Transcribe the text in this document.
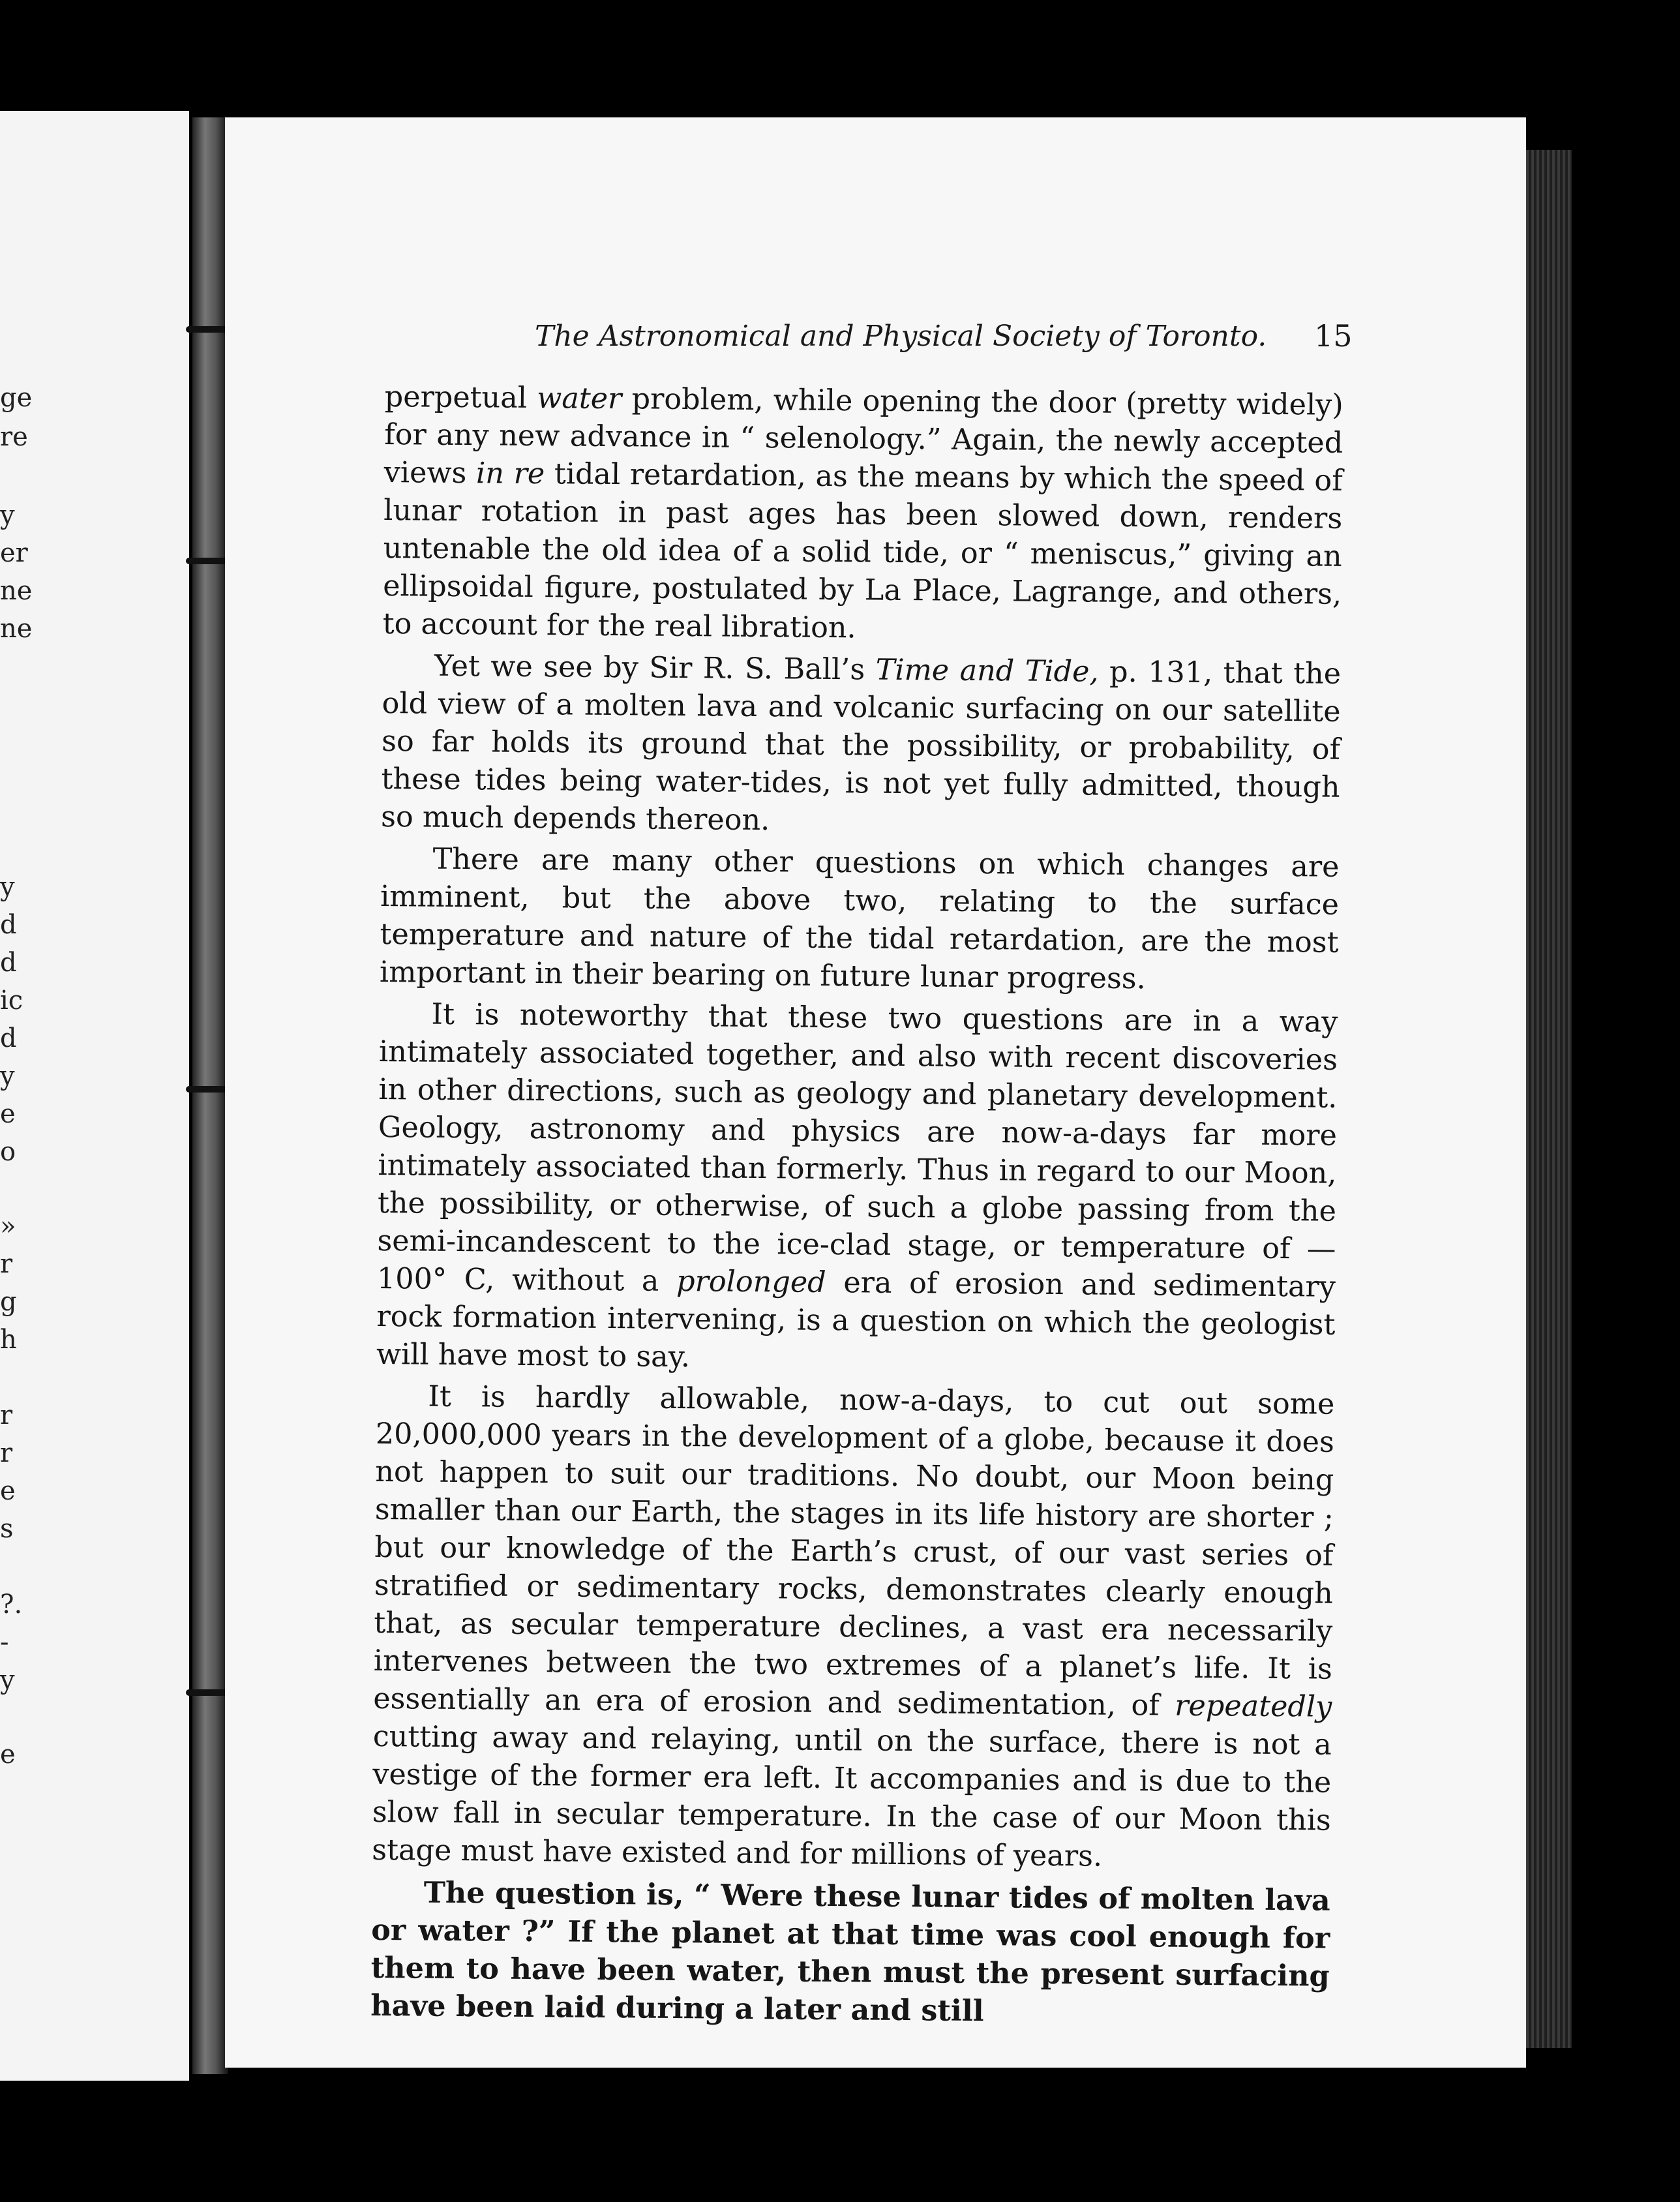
ge
re
y
er
ne
ne
y
d
d
ic
d
y
e
o
»
r
g
h
r
r
e
s
?.
-
y
e
The Astronomical and Physical Society of Toronto. 15

perpetual water problem, while opening the door (pretty widely) for any new advance in “ selenology.” Again, the newly accepted views in re tidal retardation, as the means by which the speed of lunar rotation in past ages has been slowed down, renders untenable the old idea of a solid tide, or “ meniscus,” giving an ellipsoidal figure, postulated by La Place, Lagrange, and others, to account for the real libration.

Yet we see by Sir R. S. Ball’s Time and Tide, p. 131, that the old view of a molten lava and volcanic surfacing on our satellite so far holds its ground that the possibility, or probability, of these tides being water-tides, is not yet fully admitted, though so much depends thereon.

There are many other questions on which changes are imminent, but the above two, relating to the surface temperature and nature of the tidal retardation, are the most important in their bearing on future lunar progress.

It is noteworthy that these two questions are in a way intimately associated together, and also with recent discoveries in other directions, such as geology and planetary development. Geology, astronomy and physics are now-a-days far more intimately associated than formerly. Thus in regard to our Moon, the possibility, or otherwise, of such a globe passing from the semi-incandescent to the ice-clad stage, or temperature of — 100° C, without a prolonged era of erosion and sedimentary rock formation intervening, is a question on which the geologist will have most to say.

It is hardly allowable, now-a-days, to cut out some 20,000,000 years in the development of a globe, because it does not happen to suit our traditions. No doubt, our Moon being smaller than our Earth, the stages in its life history are shorter ; but our knowledge of the Earth’s crust, of our vast series of stratified or sedimentary rocks, demonstrates clearly enough that, as secular temperature declines, a vast era necessarily intervenes between the two extremes of a planet’s life. It is essentially an era of erosion and sedimentation, of repeatedly cutting away and relaying, until on the surface, there is not a vestige of the former era left. It accompanies and is due to the slow fall in secular temperature. In the case of our Moon this stage must have existed and for millions of years.

The question is, “ Were these lunar tides of molten lava or water ?” If the planet at that time was cool enough for them to have been water, then must the present surfacing have been laid during a later and still
